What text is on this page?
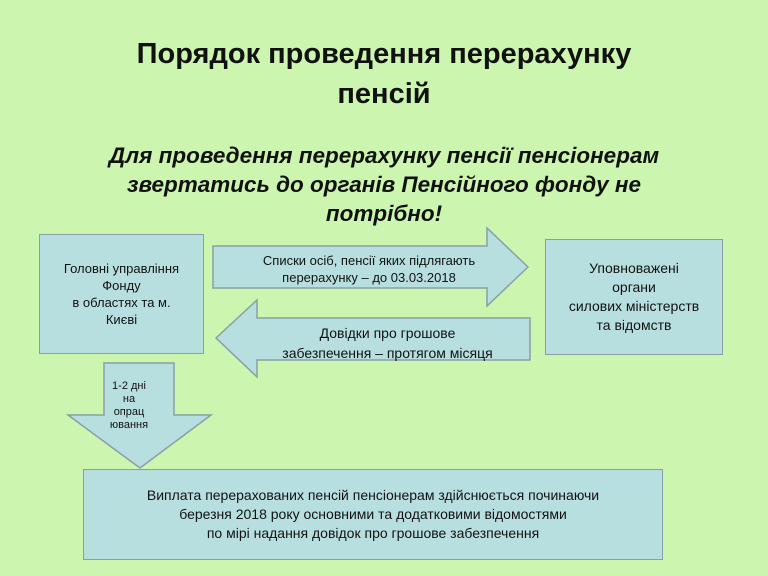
Порядок проведення перерахунку
пенсій
Для проведення перерахунку пенсії пенсіонерам
звертатись до органів Пенсійного фонду не
потрібно!
Головні управління
Фонду
в областях та м.
Києві
Уповноважені
органи
силових міністерств
та відомств
Списки осіб, пенсії яких підлягають
перерахунку – до 03.03.2018
Довідки про грошове
забезпечення – протягом місяця
1-2 дні
на
опрац
ювання
Виплата перерахованих пенсій пенсіонерам здійснюється починаючи
березня 2018 року основними та додатковими відомостями
по мірі надання довідок про грошове забезпечення
